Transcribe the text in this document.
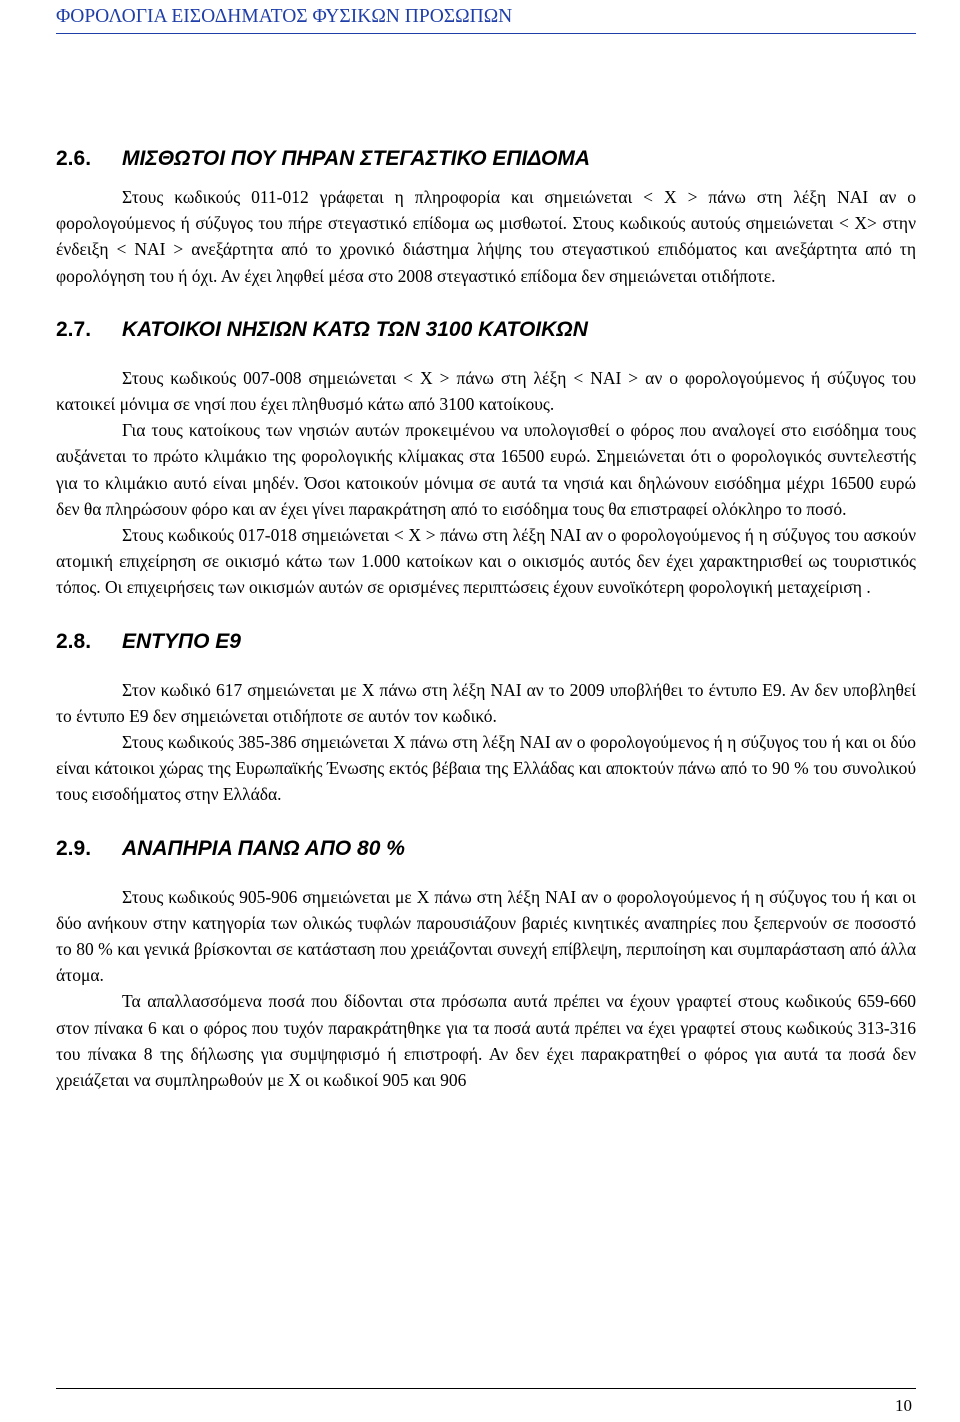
ΦΟΡΟΛΟΓΙΑ ΕΙΣΟΔΗΜΑΤΟΣ ΦΥΣΙΚΩΝ ΠΡΟΣΩΠΩΝ
2.6. ΜΙΣΘΩΤΟΙ ΠΟΥ ΠΗΡΑΝ ΣΤΕΓΑΣΤΙΚΟ ΕΠΙΔΟΜΑ

Στους κωδικούς 011-012 γράφεται η πληροφορία και σημειώνεται < Χ > πάνω στη λέξη ΝΑΙ αν ο φορολογούμενος ή σύζυγος του πήρε στεγαστικό επίδομα ως μισθωτοί. Στους κωδικούς αυτούς σημειώνεται < Χ> στην ένδειξη < ΝΑΙ > ανεξάρτητα από το χρονικό διάστημα λήψης του στεγαστικού επιδόματος και ανεξάρτητα από τη φορολόγηση του ή όχι. Αν έχει ληφθεί μέσα στο 2008 στεγαστικό επίδομα δεν σημειώνεται οτιδήποτε.

2.7. ΚΑΤΟΙΚΟΙ ΝΗΣΙΩΝ ΚΑΤΩ ΤΩΝ 3100 ΚΑΤΟΙΚΩΝ

Στους κωδικούς 007-008 σημειώνεται < Χ > πάνω στη λέξη < ΝΑΙ > αν ο φορολογούμενος ή σύζυγος του κατοικεί μόνιμα σε νησί που έχει πληθυσμό κάτω από 3100 κατοίκους.

Για τους κατοίκους των νησιών αυτών προκειμένου να υπολογισθεί ο φόρος που αναλογεί στο εισόδημα τους αυξάνεται το πρώτο κλιμάκιο της φορολογικής κλίμακας στα 16500 ευρώ. Σημειώνεται ότι ο φορολογικός συντελεστής για το κλιμάκιο αυτό είναι μηδέν. Όσοι κατοικούν μόνιμα σε αυτά τα νησιά και δηλώνουν εισόδημα μέχρι 16500 ευρώ δεν θα πληρώσουν φόρο και αν έχει γίνει παρακράτηση από το εισόδημα τους θα επιστραφεί ολόκληρο το ποσό.

Στους κωδικούς 017-018 σημειώνεται < Χ > πάνω στη λέξη ΝΑΙ αν ο φορολογούμενος ή η σύζυγος του ασκούν ατομική επιχείρηση σε οικισμό κάτω των 1.000 κατοίκων και ο οικισμός αυτός δεν έχει χαρακτηρισθεί ως τουριστικός τόπος. Οι επιχειρήσεις των οικισμών αυτών σε ορισμένες περιπτώσεις έχουν ευνοϊκότερη φορολογική μεταχείριση .

2.8. ΕΝΤΥΠΟ Ε9

Στον κωδικό 617 σημειώνεται με Χ πάνω στη λέξη ΝΑΙ αν το 2009 υποβλήθει το έντυπο Ε9. Αν δεν υποβληθεί το έντυπο Ε9 δεν σημειώνεται οτιδήποτε σε αυτόν τον κωδικό.

Στους κωδικούς 385-386 σημειώνεται Χ πάνω στη λέξη ΝΑΙ αν ο φορολογούμενος ή η σύζυγος του ή και οι δύο είναι κάτοικοι χώρας της Ευρωπαϊκής Ένωσης εκτός βέβαια της Ελλάδας και αποκτούν πάνω από το 90 % του συνολικού τους εισοδήματος στην Ελλάδα.

2.9. ΑΝΑΠΗΡΙΑ ΠΑΝΩ ΑΠΟ 80 %

Στους κωδικούς 905-906 σημειώνεται με Χ πάνω στη λέξη ΝΑΙ αν ο φορολογούμενος ή η σύζυγος του ή και οι δύο ανήκουν στην κατηγορία των ολικώς τυφλών παρουσιάζουν βαριές κινητικές αναπηρίες που ξεπερνούν σε ποσοστό το 80 % και γενικά βρίσκονται σε κατάσταση που χρειάζονται συνεχή επίβλεψη, περιποίηση και συμπαράσταση από άλλα άτομα.

Τα απαλλασσόμενα ποσά που δίδονται στα πρόσωπα αυτά πρέπει να έχουν γραφτεί στους κωδικούς 659-660 στον πίνακα 6 και ο φόρος που τυχόν παρακράτηθηκε για τα ποσά αυτά πρέπει να έχει γραφτεί στους κωδικούς 313-316 του πίνακα 8 της δήλωσης για συμψηφισμό ή επιστροφή. Αν δεν έχει παρακρατηθεί ο φόρος για αυτά τα ποσά δεν χρειάζεται να συμπληρωθούν με Χ οι κωδικοί 905 και 906

10
